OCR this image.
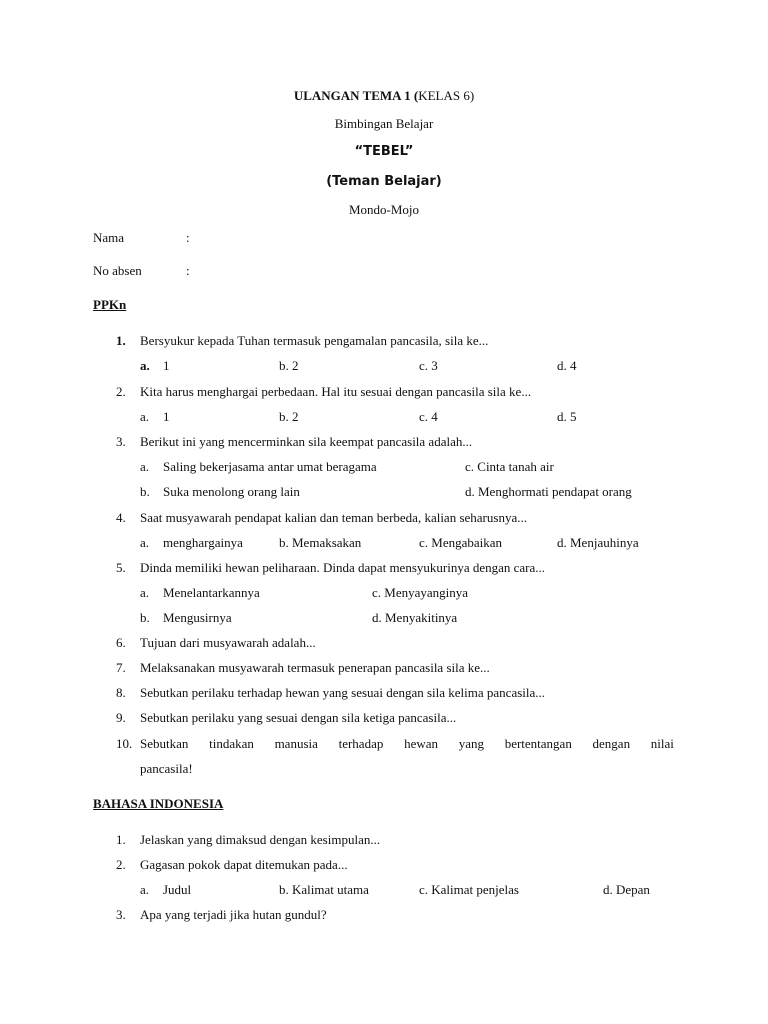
ULANGAN TEMA 1 (KELAS 6)
Bimbingan Belajar
“TEBEL”
(Teman Belajar)
Mondo-Mojo
Nama	:
No absen	:
PPKn
1. Bersyukur kepada Tuhan termasuk pengamalan pancasila, sila ke...
a. 1	b. 2	c. 3	d. 4
2. Kita harus menghargai perbedaan. Hal itu sesuai dengan pancasila sila ke...
a. 1	b. 2	c. 4	d. 5
3. Berikut ini yang mencerminkan sila keempat pancasila adalah...
a. Saling bekerjasama antar umat beragama	c. Cinta tanah air
b. Suka menolong orang lain	d. Menghormati pendapat orang
4. Saat musyawarah pendapat kalian dan teman berbeda, kalian seharusnya...
a. menghargainya	b. Memaksakan	c. Mengabaikan	d. Menjauhinya
5. Dinda memiliki hewan peliharaan. Dinda dapat mensyukurinya dengan cara...
a. Menelantarkannya	c. Menyayanginya
b. Mengusirnya	d. Menyakitinya
6. Tujuan dari musyawarah adalah...
7. Melaksanakan musyawarah termasuk penerapan pancasila sila ke...
8. Sebutkan perilaku terhadap hewan yang sesuai dengan sila kelima pancasila...
9. Sebutkan perilaku yang sesuai dengan sila ketiga pancasila...
10. Sebutkan tindakan manusia terhadap hewan yang bertentangan dengan nilai
pancasila!
BAHASA INDONESIA
1. Jelaskan yang dimaksud dengan kesimpulan...
2. Gagasan pokok dapat ditemukan pada...
a. Judul	b. Kalimat utama	c. Kalimat penjelas	d. Depan
3. Apa yang terjadi jika hutan gundul?
